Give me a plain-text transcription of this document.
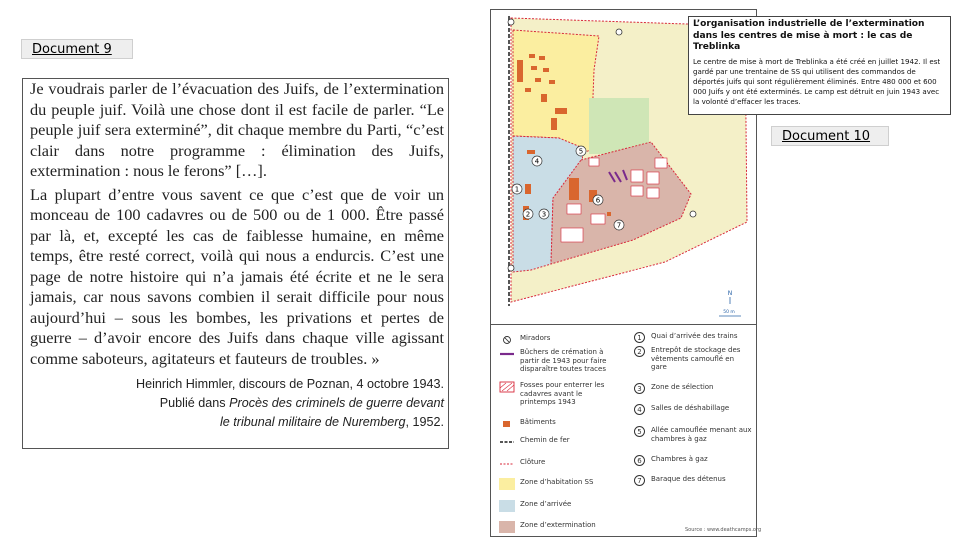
Document 9

Je voudrais parler de l’évacuation des Juifs, de l’extermination du peuple juif. Voilà une chose dont il est facile de parler. “Le peuple juif sera exterminé”, dit chaque membre du Parti, “c’est clair dans notre programme : élimination des Juifs, extermination : nous le ferons” […].

La plupart d’entre vous savent ce que c’est que de voir un monceau de 100 cadavres ou de 500 ou de 1 000. Être passé par là, et, excepté les cas de faiblesse humaine, en même temps, être resté correct, voilà qui nous a endurcis. C’est une page de notre histoire qui n’a jamais été écrite et ne le sera jamais, car nous savons combien il serait difficile pour nous aujourd’hui – sous les bombes, les privations et pertes de guerre – d’avoir encore des Juifs dans chaque ville agissant comme saboteurs, agitateurs et fauteurs de troubles. »

Heinrich Himmler, discours de Poznan, 4 octobre 1943.
Publié dans Procès des criminels de guerre devant
le tribunal militaire de Nuremberg, 1952.
1
2 3
4
5
6
7
N
50 m
L’organisation industrielle de l’extermination dans les centres de mise à mort : le cas de Treblinka
Le centre de mise à mort de Treblinka a été créé en juillet 1942. Il est gardé par une trentaine de SS qui utilisent des commandos de déportés juifs qui sont régulièrement éliminés. Entre 480 000 et 600 000 Juifs y ont été exterminés. Le camp est détruit en juin 1943 avec la volonté d’effacer les traces.
Document 10
Miradors
Bûchers de crémation à partir de 1943 pour faire disparaître toutes traces
Fosses pour enterrer les cadavres avant le printemps 1943
Bâtiments
Chemin de fer
Clôture
Zone d’habitation SS
Zone d’arrivée
Zone d’extermination
1	Quai d’arrivée des trains
2	Entrepôt de stockage des vêtements camouflé en gare
3	Zone de sélection
4	Salles de déshabillage
5	Allée camouflée menant aux chambres à gaz
6	Chambres à gaz
7	Baraque des détenus
Source : www.deathcamps.org
